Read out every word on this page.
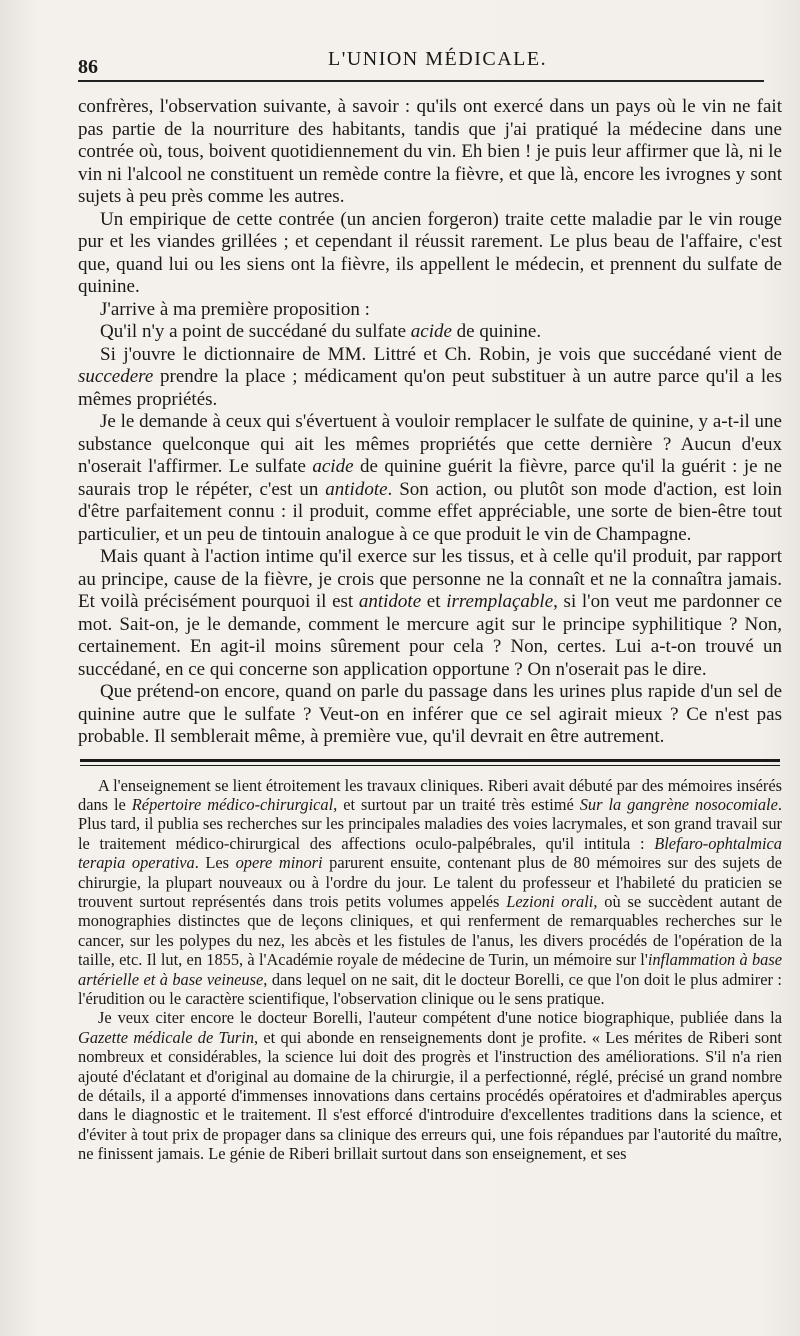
86	L'UNION MÉDICALE.

confrères, l'observation suivante, à savoir : qu'ils ont exercé dans un pays où le vin ne fait pas partie de la nourriture des habitants, tandis que j'ai pratiqué la médecine dans une contrée où, tous, boivent quotidiennement du vin. Eh bien ! je puis leur affirmer que là, ni le vin ni l'alcool ne constituent un remède contre la fièvre, et que là, encore les ivrognes y sont sujets à peu près comme les autres.

Un empirique de cette contrée (un ancien forgeron) traite cette maladie par le vin rouge pur et les viandes grillées ; et cependant il réussit rarement. Le plus beau de l'affaire, c'est que, quand lui ou les siens ont la fièvre, ils appellent le médecin, et prennent du sulfate de quinine.

J'arrive à ma première proposition :

Qu'il n'y a point de succédané du sulfate acide de quinine.

Si j'ouvre le dictionnaire de MM. Littré et Ch. Robin, je vois que succédané vient de succedere prendre la place ; médicament qu'on peut substituer à un autre parce qu'il a les mêmes propriétés.

Je le demande à ceux qui s'évertuent à vouloir remplacer le sulfate de quinine, y a-t-il une substance quelconque qui ait les mêmes propriétés que cette dernière ? Aucun d'eux n'oserait l'affirmer. Le sulfate acide de quinine guérit la fièvre, parce qu'il la guérit : je ne saurais trop le répéter, c'est un antidote. Son action, ou plutôt son mode d'action, est loin d'être parfaitement connu : il produit, comme effet appréciable, une sorte de bien-être tout particulier, et un peu de tintouin analogue à ce que produit le vin de Champagne.

Mais quant à l'action intime qu'il exerce sur les tissus, et à celle qu'il produit, par rapport au principe, cause de la fièvre, je crois que personne ne la connaît et ne la connaîtra jamais. Et voilà précisément pourquoi il est antidote et irremplaçable, si l'on veut me pardonner ce mot. Sait-on, je le demande, comment le mercure agit sur le principe syphilitique ? Non, certainement. En agit-il moins sûrement pour cela ? Non, certes. Lui a-t-on trouvé un succédané, en ce qui concerne son application opportune ? On n'oserait pas le dire.

Que prétend-on encore, quand on parle du passage dans les urines plus rapide d'un sel de quinine autre que le sulfate ? Veut-on en inférer que ce sel agirait mieux ? Ce n'est pas probable. Il semblerait même, à première vue, qu'il devrait en être autrement.

A l'enseignement se lient étroitement les travaux cliniques. Riberi avait débuté par des mémoires insérés dans le Répertoire médico-chirurgical, et surtout par un traité très estimé Sur la gangrène nosocomiale. Plus tard, il publia ses recherches sur les principales maladies des voies lacrymales, et son grand travail sur le traitement médico-chirurgical des affections oculo-palpébrales, qu'il intitula : Blefaro-ophtalmica terapia operativa. Les opere minori parurent ensuite, contenant plus de 80 mémoires sur des sujets de chirurgie, la plupart nouveaux ou à l'ordre du jour. Le talent du professeur et l'habileté du praticien se trouvent surtout représentés dans trois petits volumes appelés Lezioni orali, où se succèdent autant de monographies distinctes que de leçons cliniques, et qui renferment de remarquables recherches sur le cancer, sur les polypes du nez, les abcès et les fistules de l'anus, les divers procédés de l'opération de la taille, etc. Il lut, en 1855, à l'Académie royale de médecine de Turin, un mémoire sur l'inflammation à base artérielle et à base veineuse, dans lequel on ne sait, dit le docteur Borelli, ce que l'on doit le plus admirer : l'érudition ou le caractère scientifique, l'observation clinique ou le sens pratique.

Je veux citer encore le docteur Borelli, l'auteur compétent d'une notice biographique, publiée dans la Gazette médicale de Turin, et qui abonde en renseignements dont je profite. « Les mérites de Riberi sont nombreux et considérables, la science lui doit des progrès et l'instruction des améliorations. S'il n'a rien ajouté d'éclatant et d'original au domaine de la chirurgie, il a perfectionné, réglé, précisé un grand nombre de détails, il a apporté d'immenses innovations dans certains procédés opératoires et d'admirables aperçus dans le diagnostic et le traitement. Il s'est efforcé d'introduire d'excellentes traditions dans la science, et d'éviter à tout prix de propager dans sa clinique des erreurs qui, une fois répandues par l'autorité du maître, ne finissent jamais. Le génie de Riberi brillait surtout dans son enseignement, et ses
